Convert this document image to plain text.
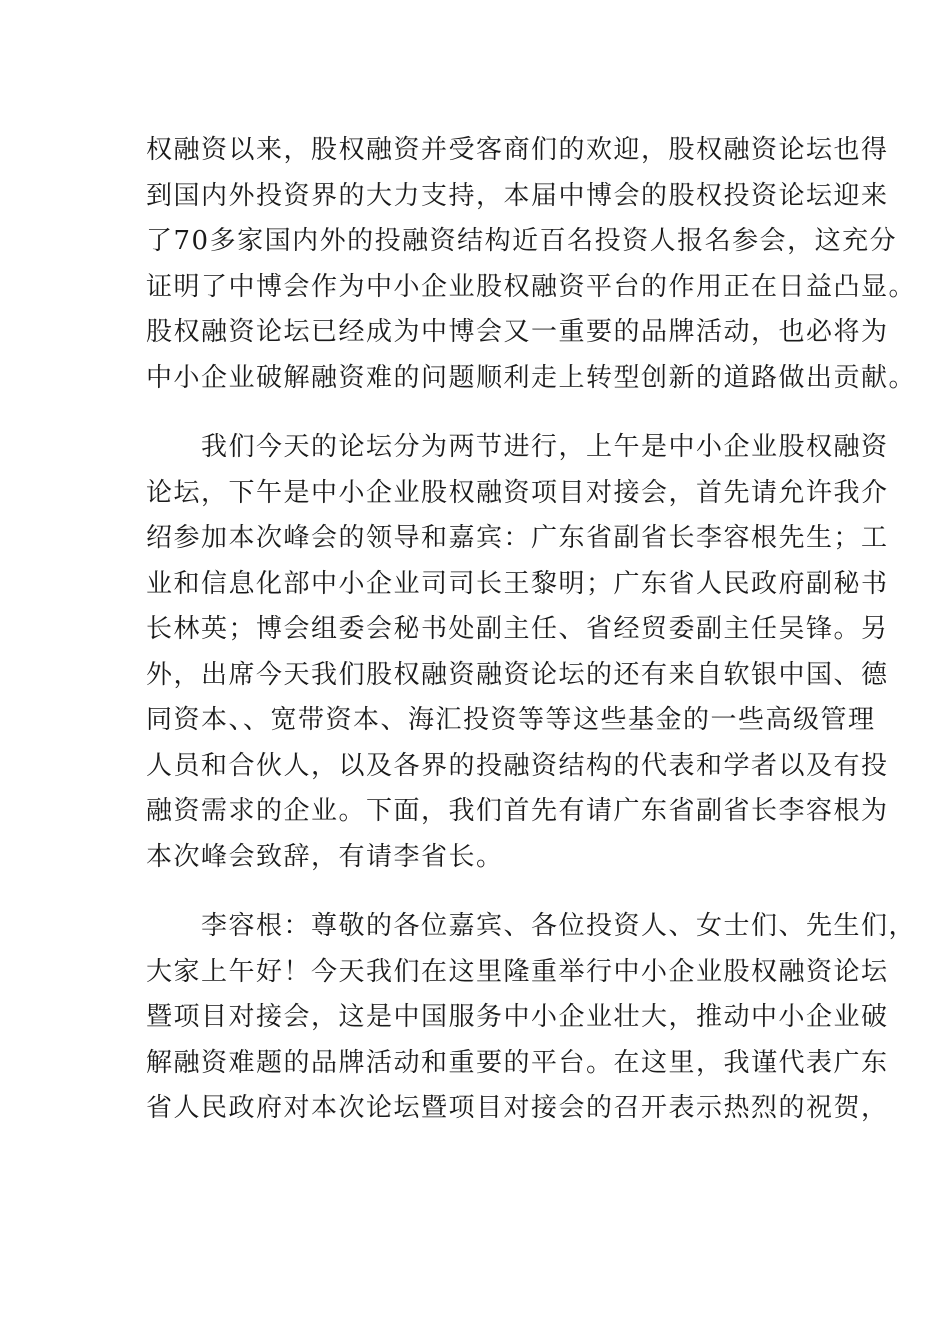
权融资以来，股权融资并受客商们的欢迎，股权融资论坛也得
到国内外投资界的大力支持，本届中博会的股权投资论坛迎来
了70多家国内外的投融资结构近百名投资人报名参会，这充分
证明了中博会作为中小企业股权融资平台的作用正在日益凸显。
股权融资论坛已经成为中博会又一重要的品牌活动，也必将为
中小企业破解融资难的问题顺利走上转型创新的道路做出贡献。
　　我们今天的论坛分为两节进行，上午是中小企业股权融资
论坛，下午是中小企业股权融资项目对接会，首先请允许我介
绍参加本次峰会的领导和嘉宾：广东省副省长李容根先生；工
业和信息化部中小企业司司长王黎明；广东省人民政府副秘书
长林英；博会组委会秘书处副主任、省经贸委副主任吴锋。另
外，出席今天我们股权融资融资论坛的还有来自软银中国、德
同资本、、宽带资本、海汇投资等等这些基金的一些高级管理
人员和合伙人，以及各界的投融资结构的代表和学者以及有投
融资需求的企业。下面，我们首先有请广东省副省长李容根为
本次峰会致辞，有请李省长。
　　李容根：尊敬的各位嘉宾、各位投资人、女士们、先生们，
大家上午好！今天我们在这里隆重举行中小企业股权融资论坛
暨项目对接会，这是中国服务中小企业壮大，推动中小企业破
解融资难题的品牌活动和重要的平台。在这里，我谨代表广东
省人民政府对本次论坛暨项目对接会的召开表示热烈的祝贺，
